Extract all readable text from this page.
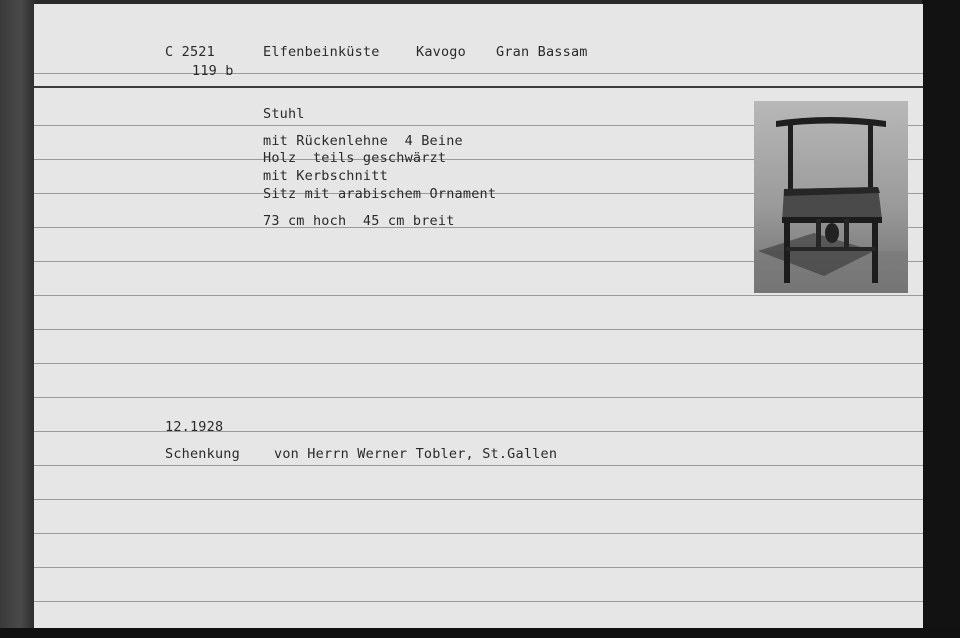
C 2521
119 b
Elfenbeinküste	Kavogo Gran Bassam
Stuhl
mit Rückenlehne  4 Beine
Holz  teils geschwärzt
mit Kerbschnitt
Sitz mit arabischem Ornament
73 cm hoch  45 cm breit
12.1928
Schenkung	von Herrn Werner Tobler, St.Gallen
